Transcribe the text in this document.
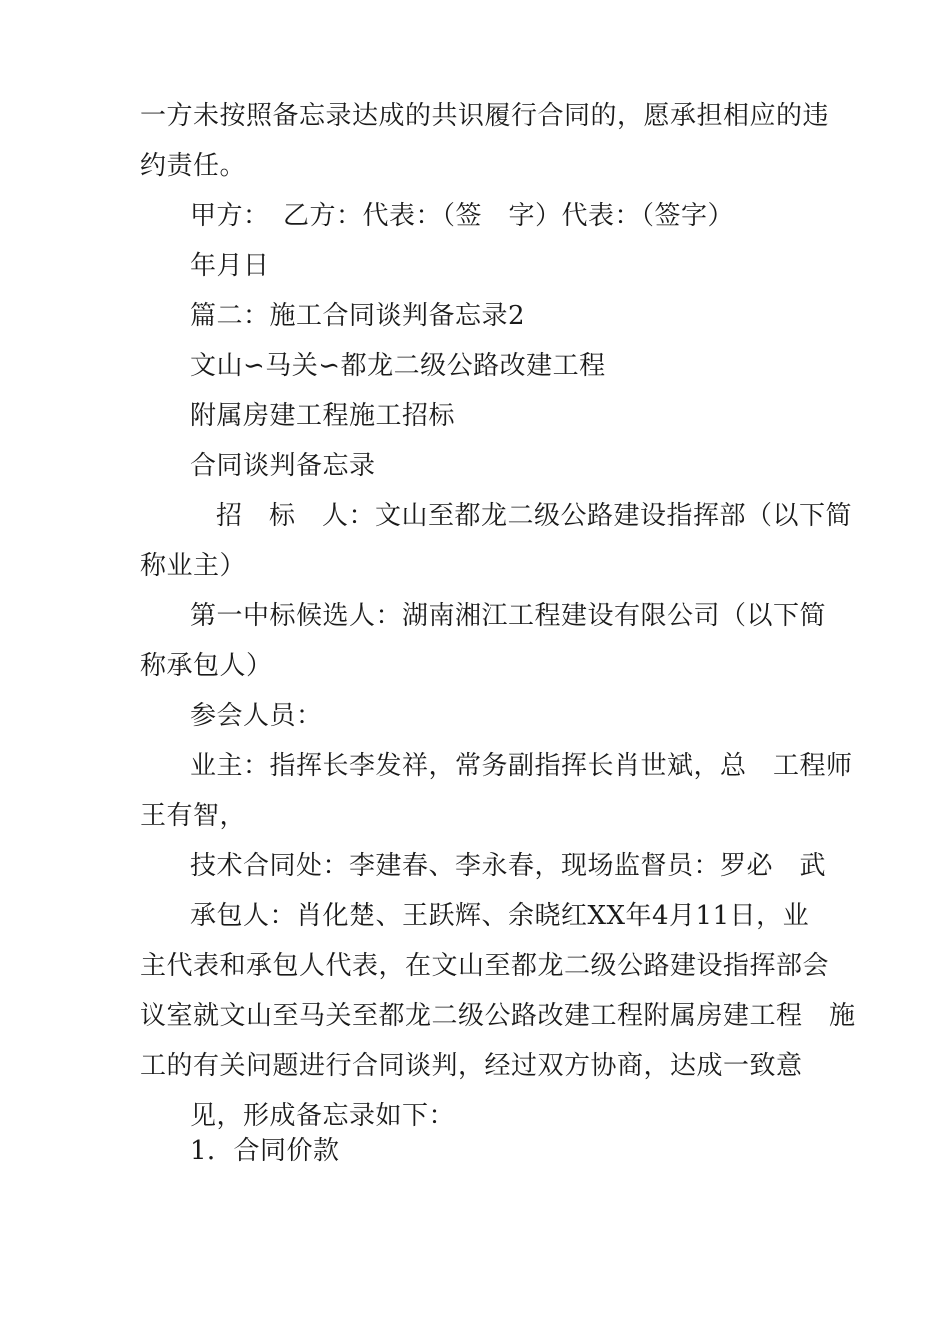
一方未按照备忘录达成的共识履行合同的，愿承担相应的违
约责任。
甲方：　乙方：代表：（签　字）代表：（签字）
年月日
篇二：施工合同谈判备忘录2
文山∽马关∽都龙二级公路改建工程
附属房建工程施工招标
合同谈判备忘录
招　标　人：文山至都龙二级公路建设指挥部（以下简
称业主）
第一中标候选人：湖南湘江工程建设有限公司（以下简
称承包人）
参会人员：
业主：指挥长李发祥，常务副指挥长肖世斌，总　工程师
王有智，
技术合同处：李建春、李永春，现场监督员：罗必　武
承包人：肖化楚、王跃辉、余晓红XX年4月11日，业
主代表和承包人代表，在文山至都龙二级公路建设指挥部会
议室就文山至马关至都龙二级公路改建工程附属房建工程　施
工的有关问题进行合同谈判，经过双方协商，达成一致意
见，形成备忘录如下：
1．合同价款
